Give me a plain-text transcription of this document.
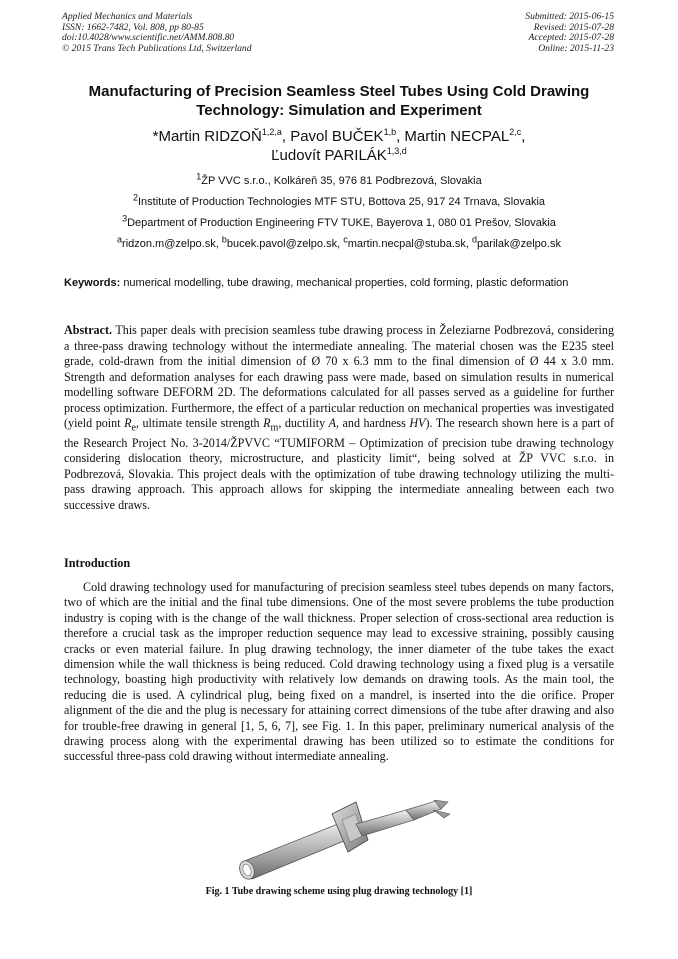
Applied Mechanics and Materials
ISSN: 1662-7482, Vol. 808, pp 80-85
doi:10.4028/www.scientific.net/AMM.808.80
© 2015 Trans Tech Publications Ltd, Switzerland
Submitted: 2015-06-15
Revised: 2015-07-28
Accepted: 2015-07-28
Online: 2015-11-23
Manufacturing of Precision Seamless Steel Tubes Using Cold Drawing
Technology: Simulation and Experiment
*Martin RIDZOŇ$^{1,2,a}$, Pavol BUČEK$^{1,b}$, Martin NECPAL$^{2,c}$,
Ľudovít PARILÁK$^{1,3,d}$
$^1$ŽP VVC s.r.o., Kolkáreň 35, 976 81 Podbrezová, Slovakia
$^2$Institute of Production Technologies MTF STU, Bottova 25, 917 24 Trnava, Slovakia
$^3$Department of Production Engineering FTV TUKE, Bayerova 1, 080 01 Prešov, Slovakia
$^a$ridzon.m@zelpo.sk, $^b$bucek.pavol@zelpo.sk, $^c$martin.necpal@stuba.sk, $^d$parilak@zelpo.sk
Keywords: numerical modelling, tube drawing, mechanical properties, cold forming, plastic deformation
Abstract. This paper deals with precision seamless tube drawing process in Železiarne Podbrezová, considering a three-pass drawing technology without the intermediate annealing. The material chosen was the E235 steel grade, cold-drawn from the initial dimension of Ø 70 x 6.3 mm to the final dimension of Ø 44 x 3.0 mm. Strength and deformation analyses for each drawing pass were made, based on simulation results in numerical modelling software DEFORM 2D. The deformations calculated for all passes served as a guideline for further process optimization. Furthermore, the effect of a particular reduction on mechanical properties was investigated (yield point $R_e$, ultimate tensile strength $R_m$, ductility A, and hardness HV). The research shown here is a part of the Research Project No. 3-2014/ŽPVVC “TUMIFORM – Optimization of precision tube drawing technology considering dislocation theory, microstructure, and plasticity limit“, being solved at ŽP VVC s.r.o. in Podbrezová, Slovakia. This project deals with the optimization of tube drawing technology utilizing the multi-pass drawing approach. This approach allows for skipping the intermediate annealing between each two successive draws.
Introduction
Cold drawing technology used for manufacturing of precision seamless steel tubes depends on many factors, two of which are the initial and the final tube dimensions. One of the most severe problems the tube production industry is coping with is the change of the wall thickness. Proper selection of cross-sectional area reduction is therefore a crucial task as the improper reduction sequence may lead to excessive straining, possibly causing cracks or even material failure. In plug drawing technology, the inner diameter of the tube takes the exact dimension while the wall thickness is being reduced. Cold drawing technology using a fixed plug is a versatile technology, boasting high productivity with relatively low demands on drawing tools. As the main tool, the reducing die is used. A cylindrical plug, being fixed on a mandrel, is inserted into the die orifice. Proper alignment of the die and the plug is necessary for attaining correct dimensions of the tube after drawing and also for trouble-free drawing in general [1, 5, 6, 7], see Fig. 1. In this paper, preliminary numerical analysis of the drawing process along with the experimental drawing has been utilized so to estimate the conditions for successful three-pass cold drawing without intermediate annealing.
Fig. 1 Tube drawing scheme using plug drawing technology [1]
